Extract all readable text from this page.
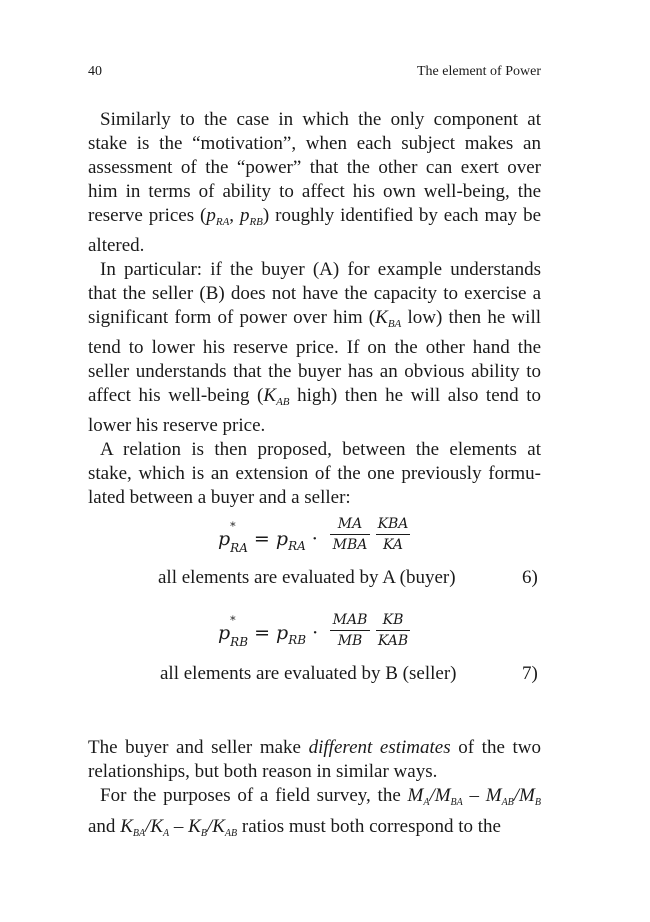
40	The element of Power

Similarly to the case in which the only component at stake is the “motivation”, when each subject makes an assessment of the “power” that the other can exert over him in terms of ability to affect his own well-being, the reserve prices ($p_{RA}$, $p_{RB}$) roughly identified by each may be altered.

In particular: if the buyer (A) for example understands that the seller (B) does not have the capacity to exercise a significant form of power over him ($K_{BA}$ low) then he will tend to lower his reserve price. If on the other hand the seller understands that the buyer has an obvious ability to affect his well-being ($K_{AB}$ high) then he will also tend to lower his reserve price.

A relation is then proposed, between the elements at stake, which is an extension of the one previously formu- lated between a buyer and a seller:

p
*
$_{RA} = p_{RA}$ ·
MA
MBA
KBA
KA
all elements are evaluated by A (buyer)	6)
p
*
$_{RB} = p_{RB}$ ·
MAB
MB
KB
KAB
all elements are evaluated by B (seller)	7)

The buyer and seller make different estimates of the two relationships, but both reason in similar ways.

For the purposes of a field survey, the $M_A/M_{BA} - M_{AB}/M_B$ and $K_{BA}/K_A - K_B/K_{AB}$ ratios must both correspond to the
